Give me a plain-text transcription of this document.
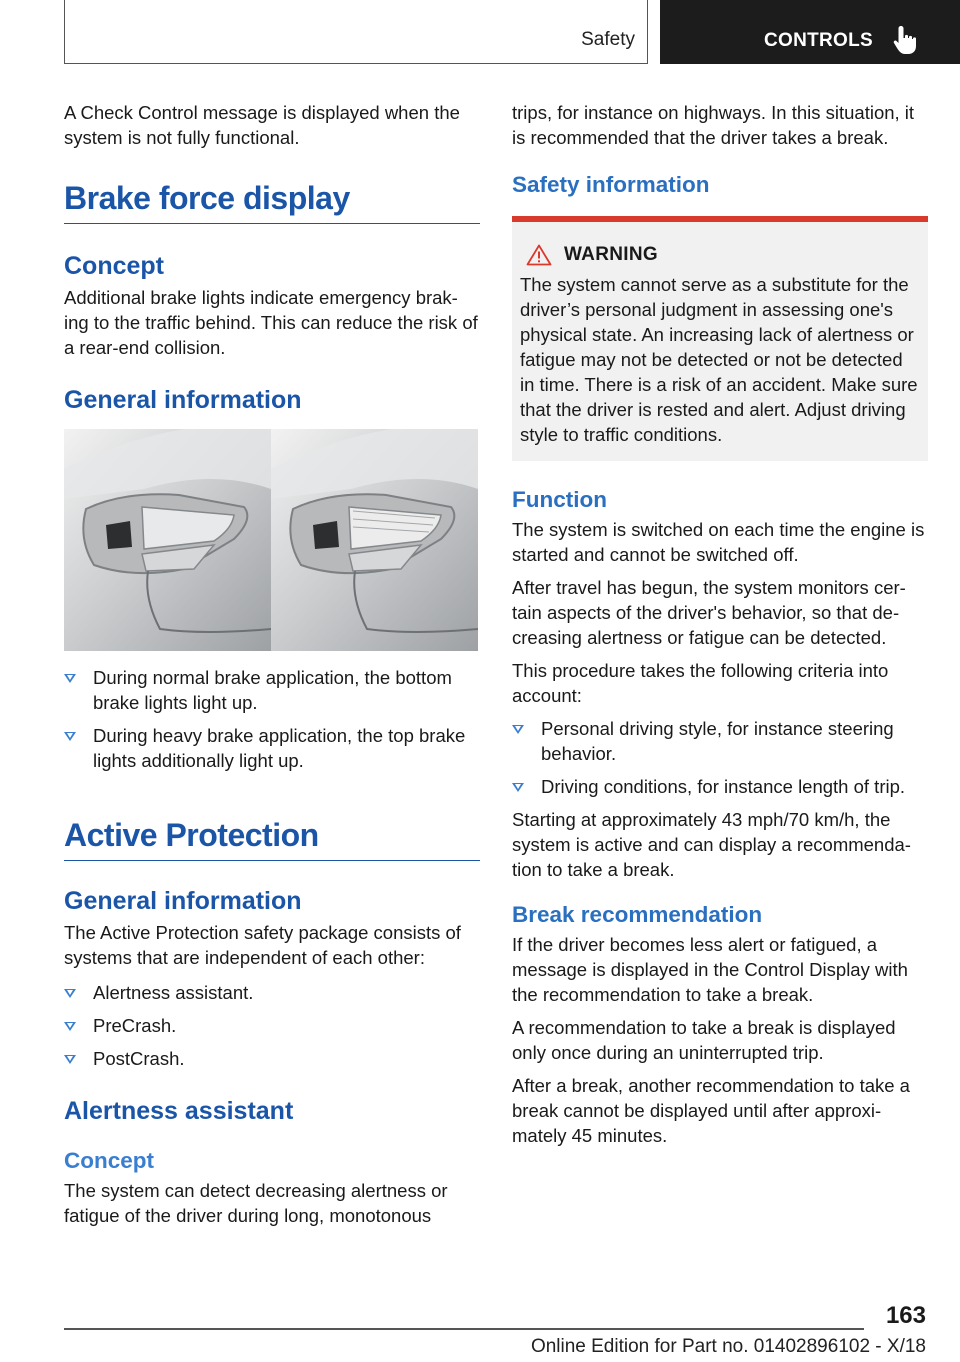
Safety	CONTROLS

A Check Control message is displayed when the system is not fully functional.

Brake force display
Concept

Additional brake lights indicate emergency brak-ing to the traffic behind. This can reduce the risk of a rear-end collision.

General information
During normal brake application, the bottom brake lights light up.
During heavy brake application, the top brake lights additionally light up.
Active Protection
General information

The Active Protection safety package consists of systems that are independent of each other:

Alertness assistant.
PreCrash.
PostCrash.
Alertness assistant
Concept

The system can detect decreasing alertness or fatigue of the driver during long, monotonous

trips, for instance on highways. In this situation, it is recommended that the driver takes a break.

Safety information
WARNING

The system cannot serve as a substitute for the driver’s personal judgment in assessing one's physical state. An increasing lack of alertness or fatigue may not be detected or not be detected in time. There is a risk of an accident. Make sure that the driver is rested and alert. Adjust driving style to traffic conditions.

Function

The system is switched on each time the engine is started and cannot be switched off.

After travel has begun, the system monitors cer-tain aspects of the driver's behavior, so that de-creasing alertness or fatigue can be detected.

This procedure takes the following criteria into account:

Personal driving style, for instance steering behavior.
Driving conditions, for instance length of trip.

Starting at approximately 43 mph/70 km/h, the system is active and can display a recommenda-tion to take a break.

Break recommendation

If the driver becomes less alert or fatigued, a message is displayed in the Control Display with the recommendation to take a break.

A recommendation to take a break is displayed only once during an uninterrupted trip.

After a break, another recommendation to take a break cannot be displayed until after approxi-mately 45 minutes.

163
Online Edition for Part no. 01402896102 - X/18
